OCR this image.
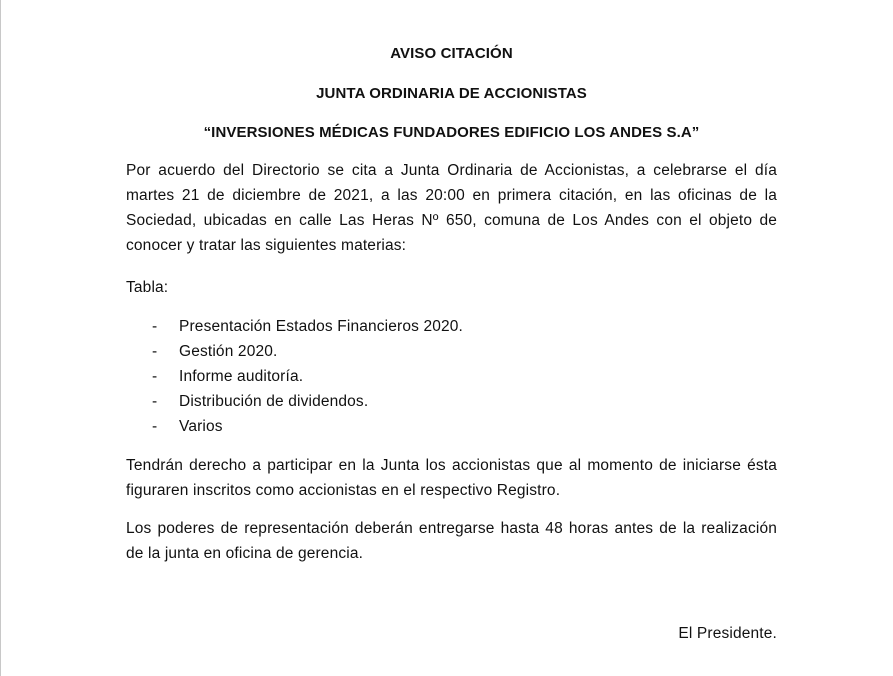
AVISO CITACIÓN
JUNTA ORDINARIA DE ACCIONISTAS
“INVERSIONES MÉDICAS FUNDADORES EDIFICIO LOS ANDES S.A”

Por acuerdo del Directorio se cita a Junta Ordinaria de Accionistas, a celebrarse el día martes 21 de diciembre de 2021, a las 20:00 en primera citación, en las oficinas de la Sociedad, ubicadas en calle Las Heras Nº 650, comuna de Los Andes con el objeto de conocer y tratar las siguientes materias:

Tabla:

- Presentación Estados Financieros 2020.
- Gestión 2020.
- Informe auditoría.
- Distribución de dividendos.
- Varios

Tendrán derecho a participar en la Junta los accionistas que al momento de iniciarse ésta figuraren inscritos como accionistas en el respectivo Registro.

Los poderes de representación deberán entregarse hasta 48 horas antes de la realización de la junta en oficina de gerencia.

El Presidente.
